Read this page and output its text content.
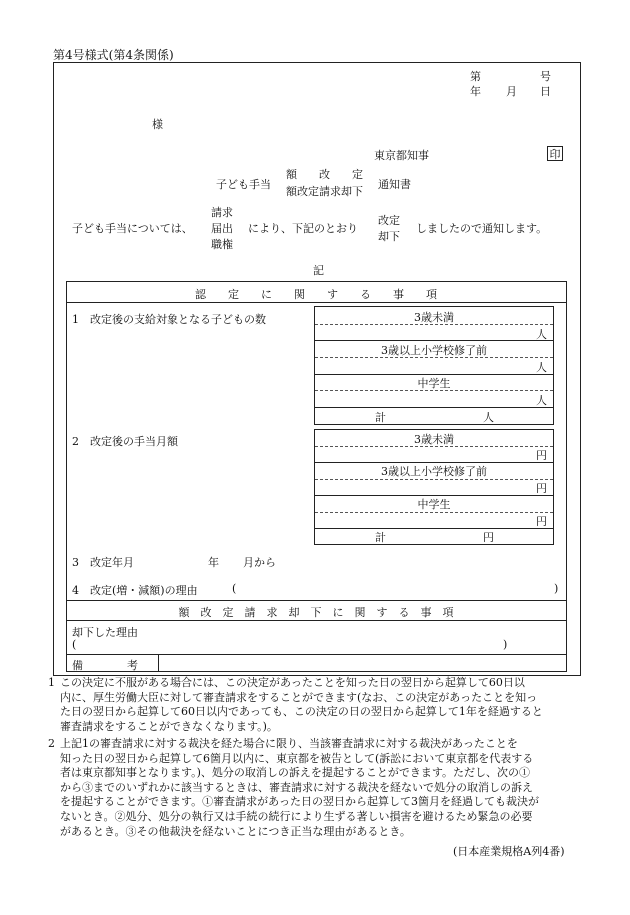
第4号様式(第4条関係)
第	号
年 月 日
様
東京都知事	印
子ども手当
額　　改　　定
額改定請求却下
通知書
子ども手当については、
請求
届出
職権
により、下記のとおり
改定
却下
しましたので通知します。
記
認　　定　　に　　関　　す　　る　　事　　項
1　改定後の支給対象となる子どもの数	3歳未満
人
3歳以上小学校修了前
人
中学生
人
計	人
2　改定後の手当月額	3歳未満
円
3歳以上小学校修了前
円
中学生
円
計	円
3　改定年月	年 月から
4　改定(増・減額)の理由	(	)
額　改　定　請　求　却　下　に　関　す　る　事　項
却下した理由
(	)
備　　　　考
1 この決定に不服がある場合には、この決定があったことを知った日の翌日から起算して60日以
内に、厚生労働大臣に対して審査請求をすることができます(なお、この決定があったことを知っ
た日の翌日から起算して60日以内であっても、この決定の日の翌日から起算して1年を経過すると
審査請求をすることができなくなります。)。
2 上記1の審査請求に対する裁決を経た場合に限り、当該審査請求に対する裁決があったことを
知った日の翌日から起算して6箇月以内に、東京都を被告として(訴訟において東京都を代表する
者は東京都知事となります。)、処分の取消しの訴えを提起することができます。ただし、次の①
から③までのいずれかに該当するときは、審査請求に対する裁決を経ないで処分の取消しの訴え
を提起することができます。①審査請求があった日の翌日から起算して3箇月を経過しても裁決が
ないとき。②処分、処分の執行又は手続の続行により生ずる著しい損害を避けるため緊急の必要
があるとき。③その他裁決を経ないことにつき正当な理由があるとき。
(日本産業規格A列4番)
